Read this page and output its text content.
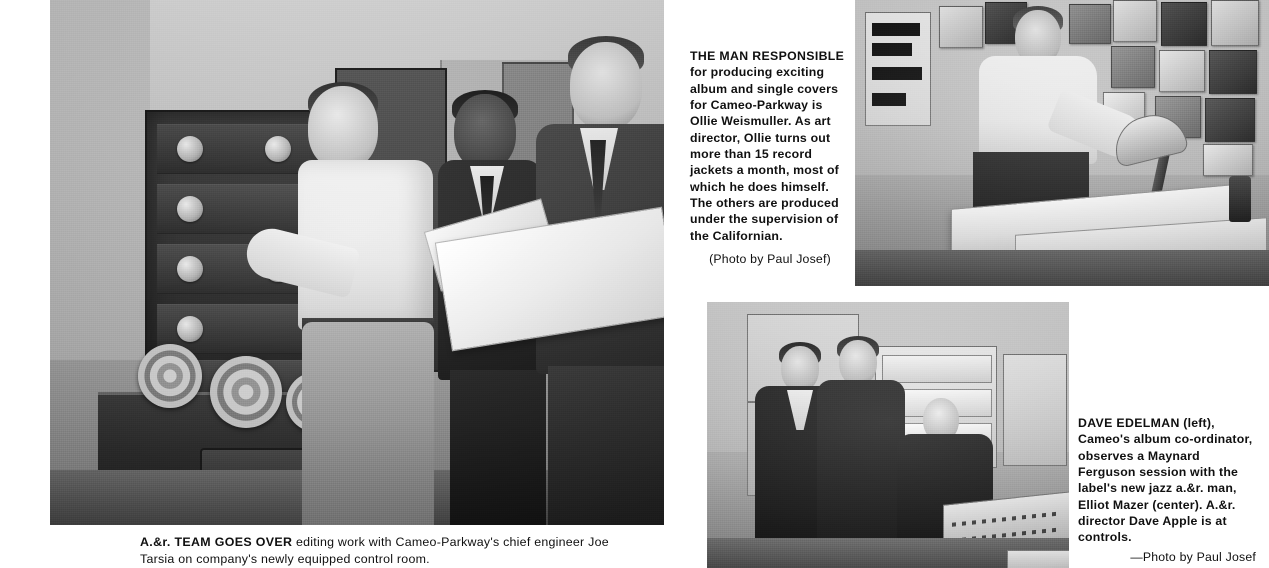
A.&r. TEAM GOES OVER editing work with Cameo-Parkway's chief engineer Joe Tarsia on company's newly equipped control room.
THE MAN RESPONSIBLE for producing exciting album and single covers for Cameo-Parkway is Ollie Weismuller. As art director, Ollie turns out more than 15 record jackets a month, most of which he does himself. The others are produced under the supervision of the Californian.
(Photo by Paul Josef)
DAVE EDELMAN (left), Cameo's album co-ordinator, observes a Maynard Ferguson session with the label's new jazz a.&r. man, Elliot Mazer (center). A.&r. director Dave Apple is at controls.
—Photo by Paul Josef
